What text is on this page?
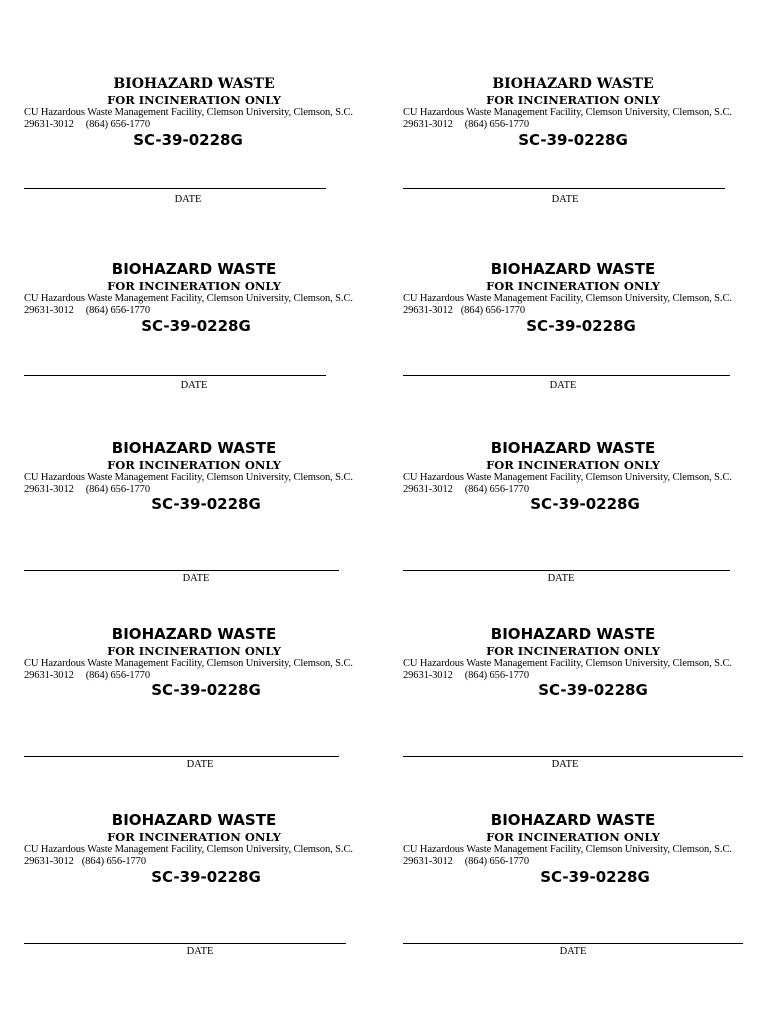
BIOHAZARD WASTE
FOR INCINERATION ONLY
CU Hazardous Waste Management Facility, Clemson University, Clemson, S.C.
29631-3012 (864) 656-1770
SC-39-0228G
DATE
BIOHAZARD WASTE
FOR INCINERATION ONLY
CU Hazardous Waste Management Facility, Clemson University, Clemson, S.C.
29631-3012 (864) 656-1770
SC-39-0228G
DATE
BIOHAZARD WASTE
FOR INCINERATION ONLY
CU Hazardous Waste Management Facility, Clemson University, Clemson, S.C.
29631-3012 (864) 656-1770
SC-39-0228G
DATE
BIOHAZARD WASTE
FOR INCINERATION ONLY
CU Hazardous Waste Management Facility, Clemson University, Clemson, S.C.
29631-3012 (864) 656-1770
SC-39-0228G
DATE
BIOHAZARD WASTE
FOR INCINERATION ONLY
CU Hazardous Waste Management Facility, Clemson University, Clemson, S.C.
29631-3012 (864) 656-1770
SC-39-0228G
DATE
BIOHAZARD WASTE
FOR INCINERATION ONLY
CU Hazardous Waste Management Facility, Clemson University, Clemson, S.C.
29631-3012 (864) 656-1770
SC-39-0228G
DATE
BIOHAZARD WASTE
FOR INCINERATION ONLY
CU Hazardous Waste Management Facility, Clemson University, Clemson, S.C.
29631-3012 (864) 656-1770
SC-39-0228G
DATE
BIOHAZARD WASTE
FOR INCINERATION ONLY
CU Hazardous Waste Management Facility, Clemson University, Clemson, S.C.
29631-3012 (864) 656-1770
SC-39-0228G
DATE
BIOHAZARD WASTE
FOR INCINERATION ONLY
CU Hazardous Waste Management Facility, Clemson University, Clemson, S.C.
29631-3012 (864) 656-1770
SC-39-0228G
DATE
BIOHAZARD WASTE
FOR INCINERATION ONLY
CU Hazardous Waste Management Facility, Clemson University, Clemson, S.C.
29631-3012 (864) 656-1770
SC-39-0228G
DATE
